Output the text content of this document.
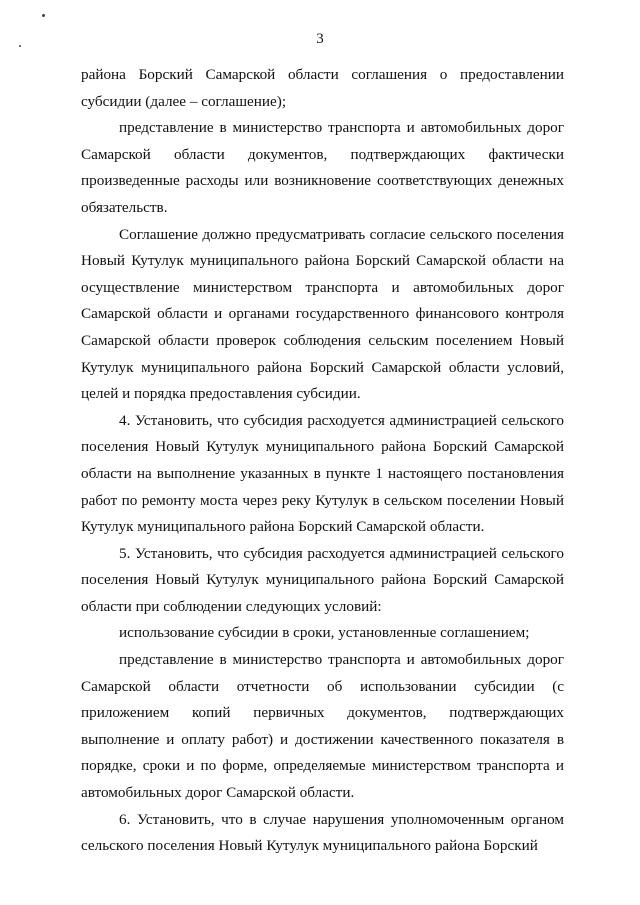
3

района Борский Самарской области соглашения о предоставлении субсидии (далее – соглашение);

представление в министерство транспорта и автомобильных дорог Самарской области документов, подтверждающих фактически произведенные расходы или возникновение соответствующих денежных обязательств.

Соглашение должно предусматривать согласие сельского поселения Новый Кутулук муниципального района Борский Самарской области на осуществление министерством транспорта и автомобильных дорог Самарской области и органами государственного финансового контроля Самарской области проверок соблюдения сельским поселением Новый Кутулук муниципального района Борский Самарской области условий, целей и порядка предоставления субсидии.

4. Установить, что субсидия расходуется администрацией сельского поселения Новый Кутулук муниципального района Борский Самарской области на выполнение указанных в пункте 1 настоящего постановления работ по ремонту моста через реку Кутулук в сельском поселении Новый Кутулук муниципального района Борский Самарской области.

5. Установить, что субсидия расходуется администрацией сельского поселения Новый Кутулук муниципального района Борский Самарской области при соблюдении следующих условий:

использование субсидии в сроки, установленные соглашением;

представление в министерство транспорта и автомобильных дорог Самарской области отчетности об использовании субсидии (с приложением копий первичных документов, подтверждающих выполнение и оплату работ) и достижении качественного показателя в порядке, сроки и по форме, определяемые министерством транспорта и автомобильных дорог Самарской области.

6. Установить, что в случае нарушения уполномоченным органом сельского поселения Новый Кутулук муниципального района Борский
